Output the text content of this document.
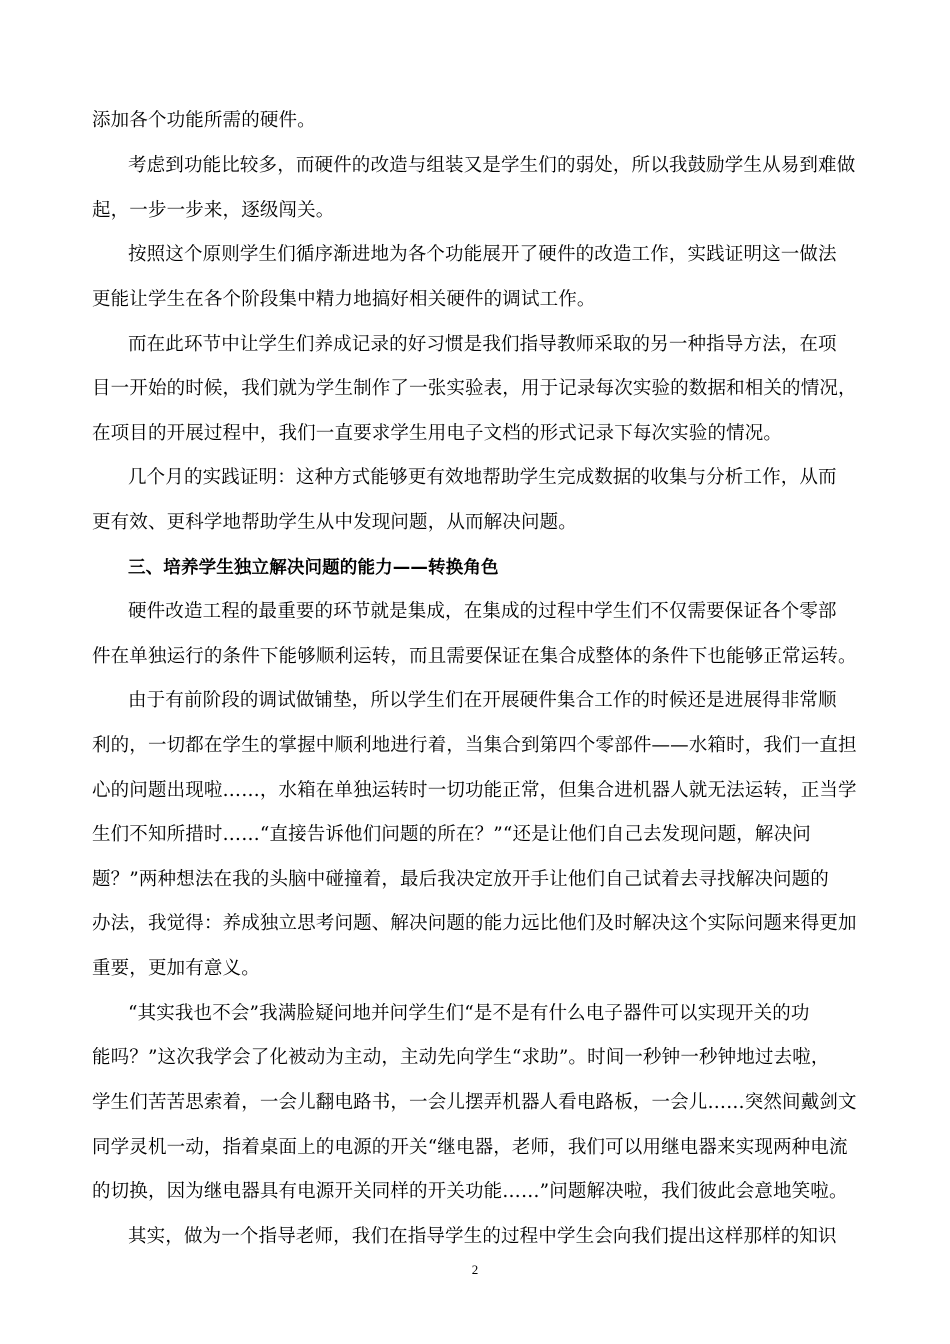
添加各个功能所需的硬件。
考虑到功能比较多，而硬件的改造与组装又是学生们的弱处，所以我鼓励学生从易到难做
起，一步一步来，逐级闯关。
按照这个原则学生们循序渐进地为各个功能展开了硬件的改造工作，实践证明这一做法
更能让学生在各个阶段集中精力地搞好相关硬件的调试工作。
而在此环节中让学生们养成记录的好习惯是我们指导教师采取的另一种指导方法，在项
目一开始的时候，我们就为学生制作了一张实验表，用于记录每次实验的数据和相关的情况，
在项目的开展过程中，我们一直要求学生用电子文档的形式记录下每次实验的情况。
几个月的实践证明：这种方式能够更有效地帮助学生完成数据的收集与分析工作，从而
更有效、更科学地帮助学生从中发现问题，从而解决问题。
三、培养学生独立解决问题的能力——转换角色
硬件改造工程的最重要的环节就是集成，在集成的过程中学生们不仅需要保证各个零部
件在单独运行的条件下能够顺利运转，而且需要保证在集合成整体的条件下也能够正常运转。
由于有前阶段的调试做铺垫，所以学生们在开展硬件集合工作的时候还是进展得非常顺
利的，一切都在学生的掌握中顺利地进行着，当集合到第四个零部件——水箱时，我们一直担
心的问题出现啦……，水箱在单独运转时一切功能正常，但集合进机器人就无法运转，正当学
生们不知所措时……“直接告诉他们问题的所在？”“还是让他们自己去发现问题，解决问
题？”两种想法在我的头脑中碰撞着，最后我决定放开手让他们自己试着去寻找解决问题的
办法，我觉得：养成独立思考问题、解决问题的能力远比他们及时解决这个实际问题来得更加
重要，更加有意义。
“其实我也不会”我满脸疑问地并问学生们“是不是有什么电子器件可以实现开关的功
能吗？”这次我学会了化被动为主动，主动先向学生“求助”。时间一秒钟一秒钟地过去啦，
学生们苦苦思索着，一会儿翻电路书，一会儿摆弄机器人看电路板，一会儿……突然间戴剑文
同学灵机一动，指着桌面上的电源的开关“继电器，老师，我们可以用继电器来实现两种电流
的切换，因为继电器具有电源开关同样的开关功能……”问题解决啦，我们彼此会意地笑啦。
其实，做为一个指导老师，我们在指导学生的过程中学生会向我们提出这样那样的知识
2
